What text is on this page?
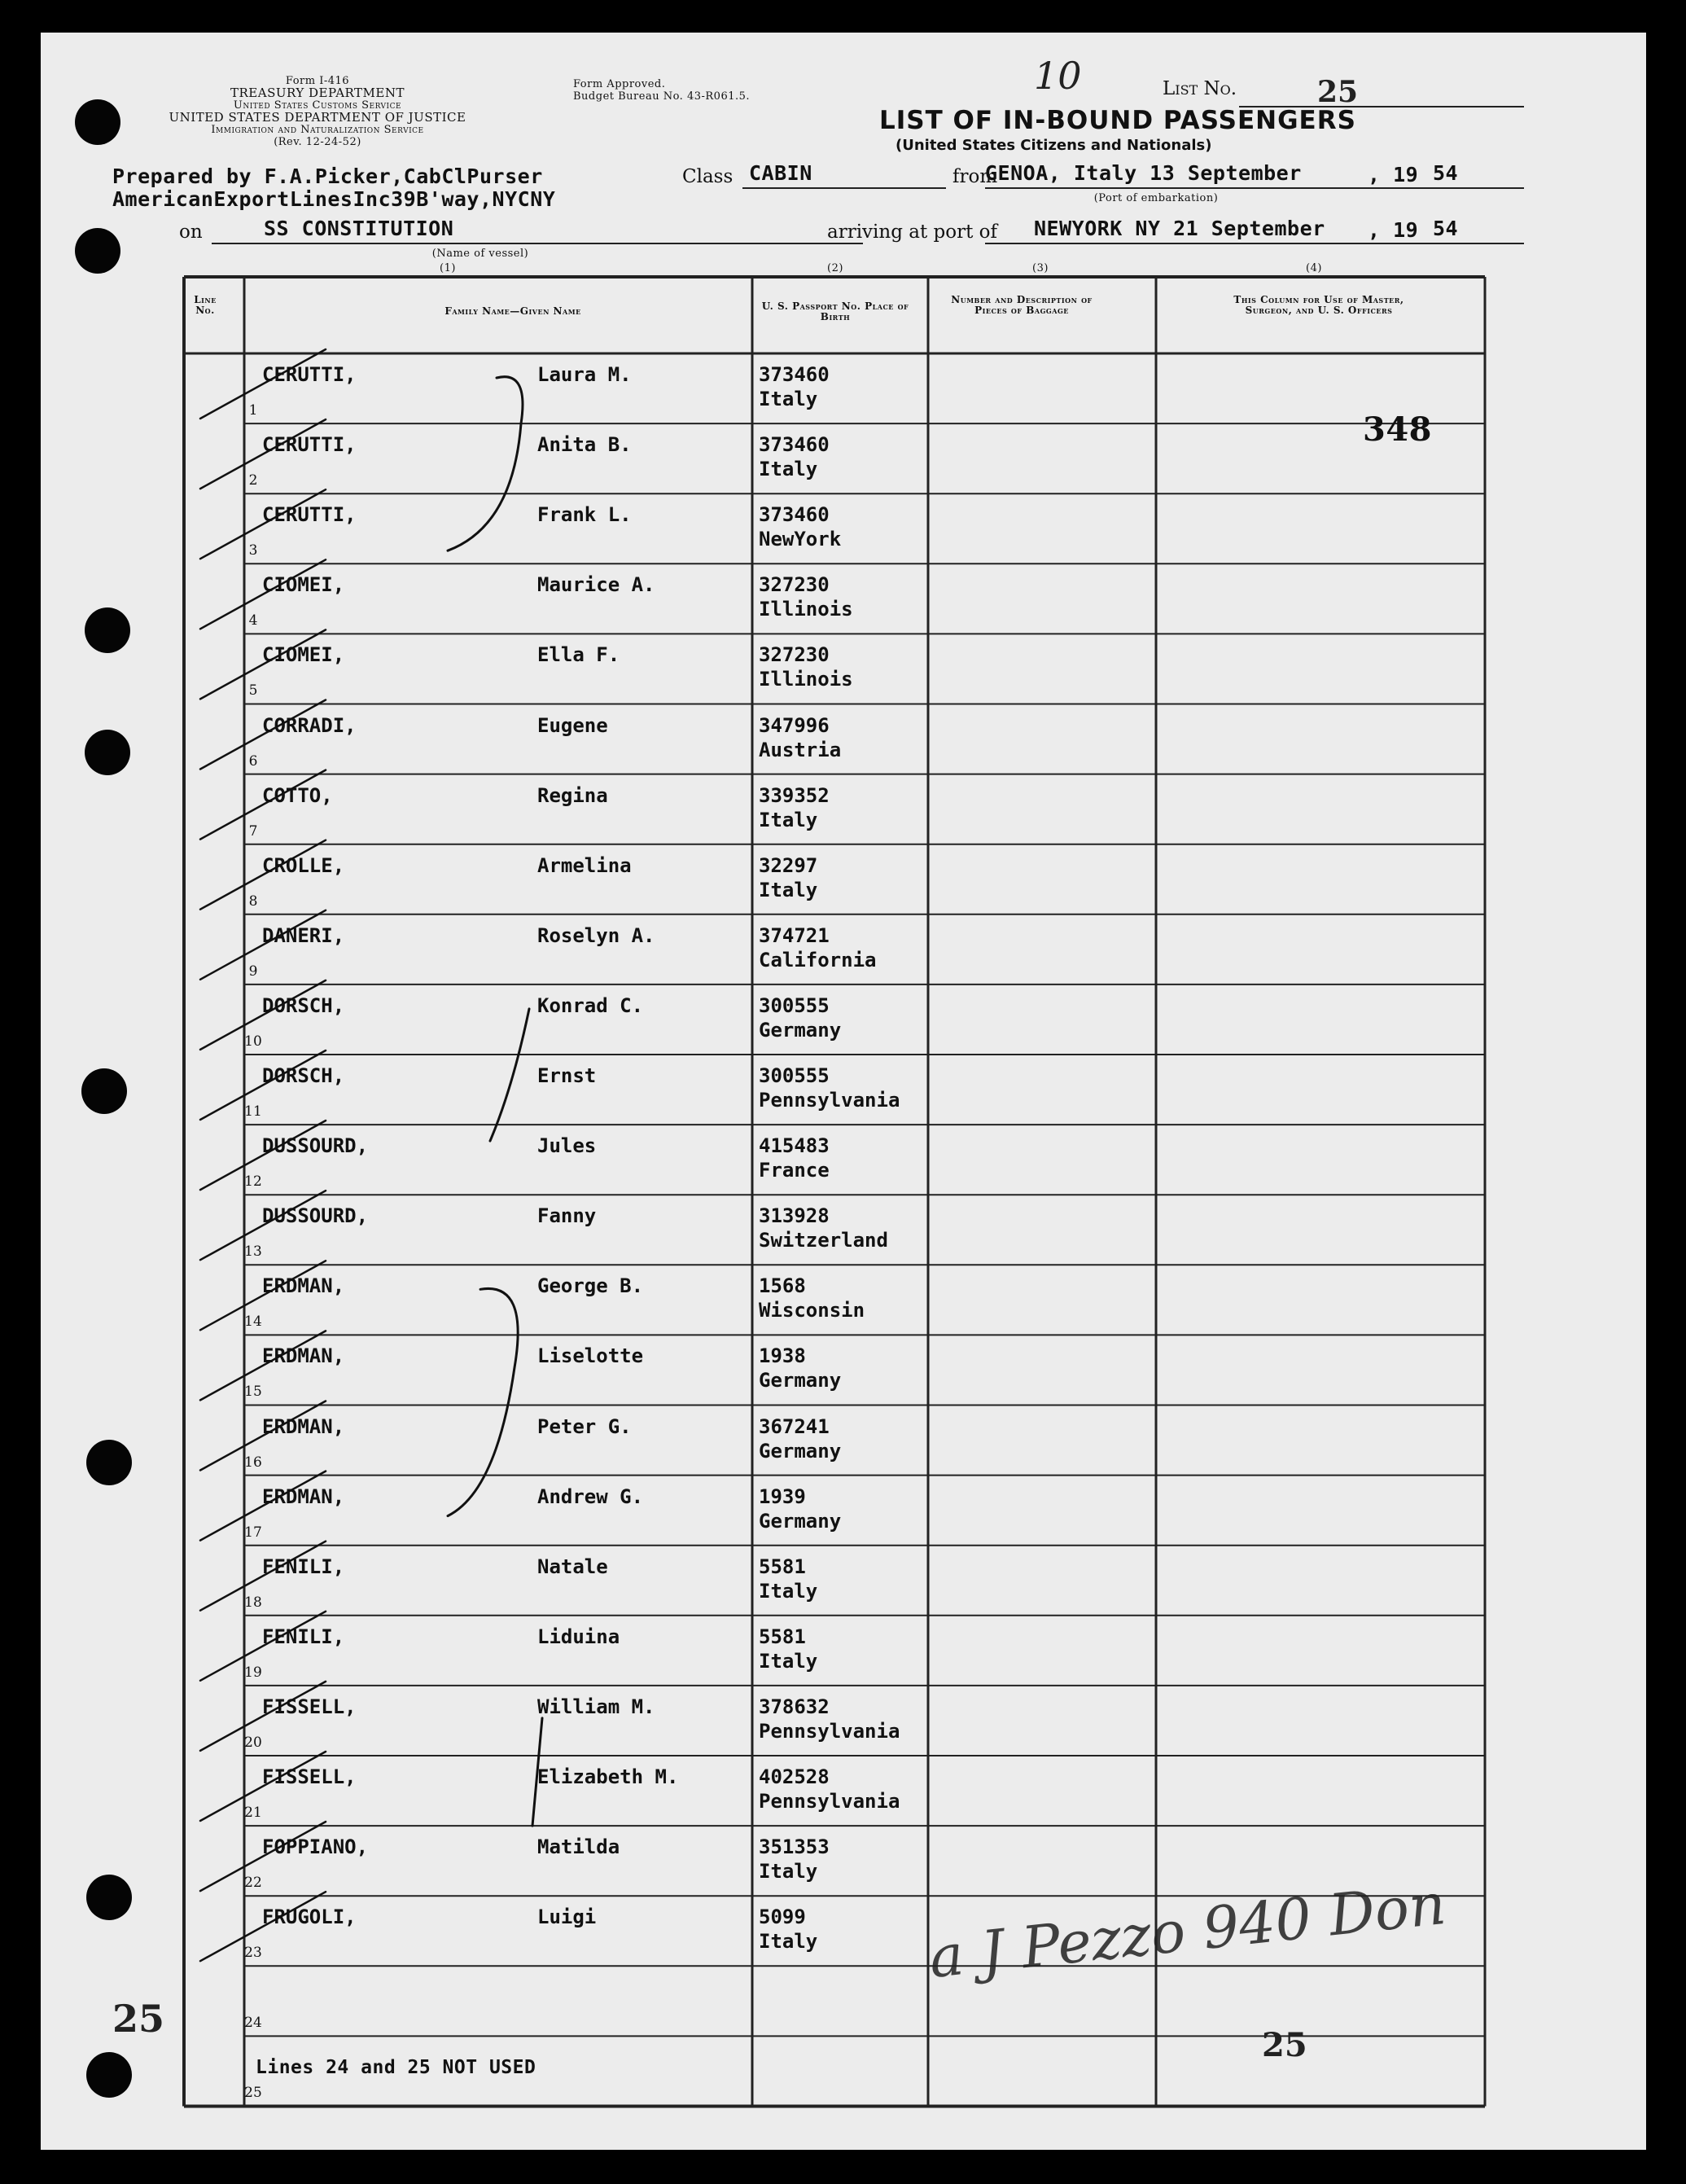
Form I-416
TREASURY DEPARTMENT
United States Customs Service
UNITED STATES DEPARTMENT OF JUSTICE
Immigration and Naturalization Service
(Rev. 12-24-52)
Form Approved.
Budget Bureau No. 43-R061.5.	10	List No.	25
LIST OF IN-BOUND PASSENGERS
(United States Citizens and Nationals)
Prepared by F.A.Picker,CabClPurser
AmericanExportLinesInc39B'way,NYCNY
Class CABIN	from
GENOA, Italy 13 September	, 19 54
(Port of embarkation)
on	SS CONSTITUTION
(Name of vessel)
arriving at port of NEWYORK NY 21 September , 19 54
(1)	(2)	(3)	(4)
Line No.	Family Name—Given Name	U. S. Passport No. Place of Birth
Number and Description of Pieces of Baggage
This Column for Use of Master, Surgeon, and U. S. Officers
1
CERUTTI,	Laura M.	373460
Italy
2
CERUTTI,	Anita B.	373460
Italy
3
CERUTTI,	Frank L.	373460
NewYork
4
CIOMEI,	Maurice A.	327230
Illinois
5
CIOMEI,	Ella F.	327230
Illinois
6
CORRADI,	Eugene	347996
Austria
7
COTTO,	Regina	339352
Italy
8
CROLLE,	Armelina	32297
Italy
9
DANERI,	Roselyn A.	374721
California
10
DORSCH,	Konrad C.	300555
Germany
11
DORSCH,	Ernst	300555
Pennsylvania
12
DUSSOURD,	Jules	415483
France
13
DUSSOURD,	Fanny	313928
Switzerland
14
ERDMAN,	George B.	1568
Wisconsin
15
ERDMAN,	Liselotte	1938
Germany
16
ERDMAN,	Peter G.	367241
Germany
17
ERDMAN,	Andrew G.	1939
Germany
18
FENILI,	Natale	5581
Italy
19
FENILI,	Liduina	5581
Italy
20
FISSELL,	William M.	378632
Pennsylvania
21
FISSELL,	Elizabeth M.	402528
Pennsylvania
22
FOPPIANO,	Matilda	351353
Italy
23
FRUGOLI,	Luigi	5099
Italy
24
25
Lines 24 and 25 NOT USED
348
25
25
a J Pezzo 940 Don
